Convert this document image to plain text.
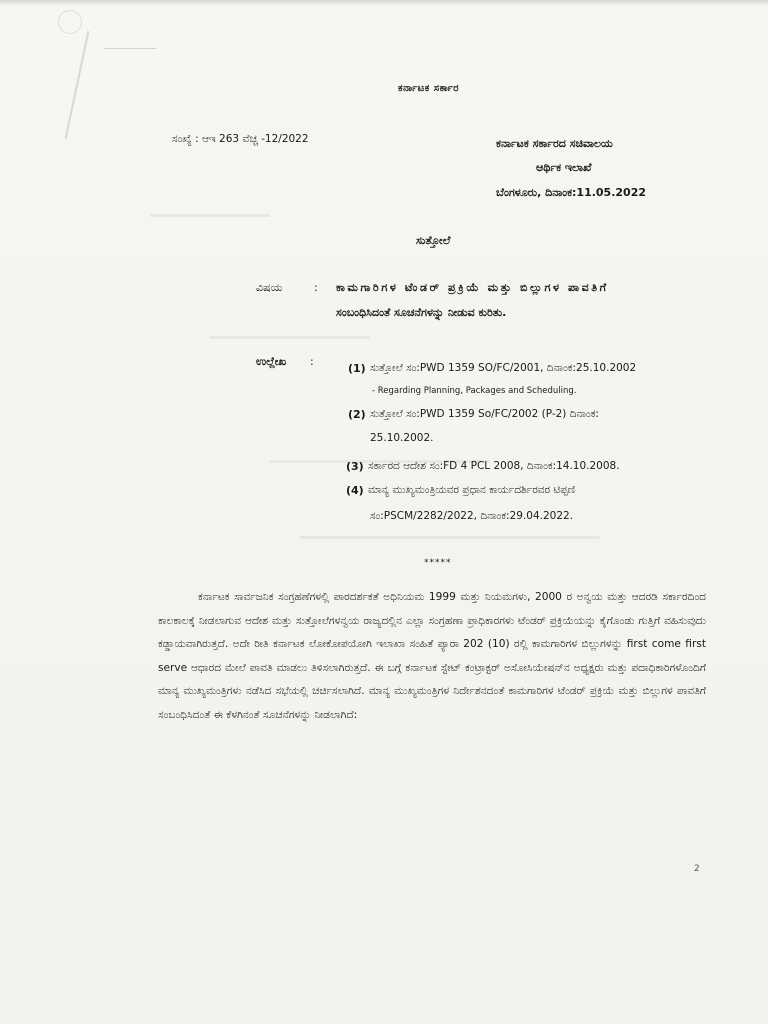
ಕರ್ನಾಟಕ ಸರ್ಕಾರ
ಸಂಖ್ಯೆ : ಆಇ 263 ವೆಚ್ಚ -12/2022	ಕರ್ನಾಟಕ ಸರ್ಕಾರದ ಸಚಿವಾಲಯ
ಆರ್ಥಿಕ ಇಲಾಖೆ
ಬೆಂಗಳೂರು, ದಿನಾಂಕ:11.05.2022
ಸುತ್ತೋಲೆ
ವಿಷಯ	: ಕಾಮಗಾರಿಗಳ ಟೆಂಡರ್ ಪ್ರಕ್ರಿಯೆ ಮತ್ತು ಬಿಲ್ಲುಗಳ ಪಾವತಿಗೆ
ಸಂಬಂಧಿಸಿದಂತೆ ಸೂಚನೆಗಳನ್ನು ನೀಡುವ ಕುರಿತು.
ಉಲ್ಲೇಖ :
(1) ಸುತ್ತೋಲೆ ಸಂ:PWD 1359 SO/FC/2001, ದಿನಾಂಕ:25.10.2002
- Regarding Planning, Packages and Scheduling.
(2) ಸುತ್ತೋಲೆ ಸಂ:PWD 1359 So/FC/2002 (P-2) ದಿನಾಂಕ:
25.10.2002.
(3) ಸರ್ಕಾರದ ಆದೇಶ ಸಂ:FD 4 PCL 2008, ದಿನಾಂಕ:14.10.2008.
(4) ಮಾನ್ಯ ಮುಖ್ಯಮಂತ್ರಿಯವರ ಪ್ರಧಾನ ಕಾರ್ಯದರ್ಶಿರವರ ಟಿಪ್ಪಣಿ
ಸಂ:PSCM/2282/2022, ದಿನಾಂಕ:29.04.2022.
*****
ಕರ್ನಾಟಕ ಸಾರ್ವಜನಿಕ ಸಂಗ್ರಹಣೆಗಳಲ್ಲಿ ಪಾರದರ್ಶಕತೆ ಅಧಿನಿಯಮ 1999 ಮತ್ತು ನಿಯಮಗಳು, 2000 ರ ಅನ್ವಯ ಮತ್ತು ಆದರಡಿ ಸರ್ಕಾರದಿಂದ ಕಾಲಕಾಲಕ್ಕೆ ನೀಡಲಾಗುವ ಆದೇಶ ಮತ್ತು ಸುತ್ತೋಲೆಗಳನ್ವಯ ರಾಜ್ಯದಲ್ಲಿನ ಎಲ್ಲಾ ಸಂಗ್ರಹಣಾ ಪ್ರಾಧಿಕಾರಗಳು ಟೆಂಡರ್ ಪ್ರಕ್ರಿಯೆಯನ್ನು ಕೈಗೊಂಡು ಗುತ್ತಿಗೆ ವಹಿಸುವುದು ಕಡ್ಡಾಯವಾಗಿರುತ್ತದೆ. ಅದೇ ರೀತಿ ಕರ್ನಾಟಕ ಲೋಕೋಪಯೋಗಿ ಇಲಾಖಾ ಸಂಹಿತೆ ಪ್ಯಾರಾ 202 (10) ರಲ್ಲಿ ಕಾಮಗಾರಿಗಳ ಬಿಲ್ಲುಗಳನ್ನು first come first serve ಆಧಾರದ ಮೇಲೆ ಪಾವತಿ ಮಾಡಲು ತಿಳಿಸಲಾಗಿರುತ್ತದೆ. ಈ ಬಗ್ಗೆ ಕರ್ನಾಟಕ ಸ್ಟೇಟ್ ಕಂಟ್ರಾಕ್ಟರ್ ಅಸೋಸಿಯೇಷನ್‌ನ ಅಧ್ಯಕ್ಷರು ಮತ್ತು ಪದಾಧಿಕಾರಿಗಳೊಂದಿಗೆ ಮಾನ್ಯ ಮುಖ್ಯಮಂತ್ರಿಗಳು ನಡೆಸಿದ ಸಭೆಯಲ್ಲಿ ಚರ್ಚಿಸಲಾಗಿದೆ. ಮಾನ್ಯ ಮುಖ್ಯಮಂತ್ರಿಗಳ ನಿರ್ದೇಶನದಂತೆ ಕಾಮಗಾರಿಗಳ ಟೆಂಡರ್ ಪ್ರಕ್ರಿಯೆ ಮತ್ತು ಬಿಲ್ಲುಗಳ ಪಾವತಿಗೆ ಸಂಬಂಧಿಸಿದಂತೆ ಈ ಕೆಳಗಿನಂತೆ ಸೂಚನೆಗಳನ್ನು ನೀಡಲಾಗಿದೆ:
2
